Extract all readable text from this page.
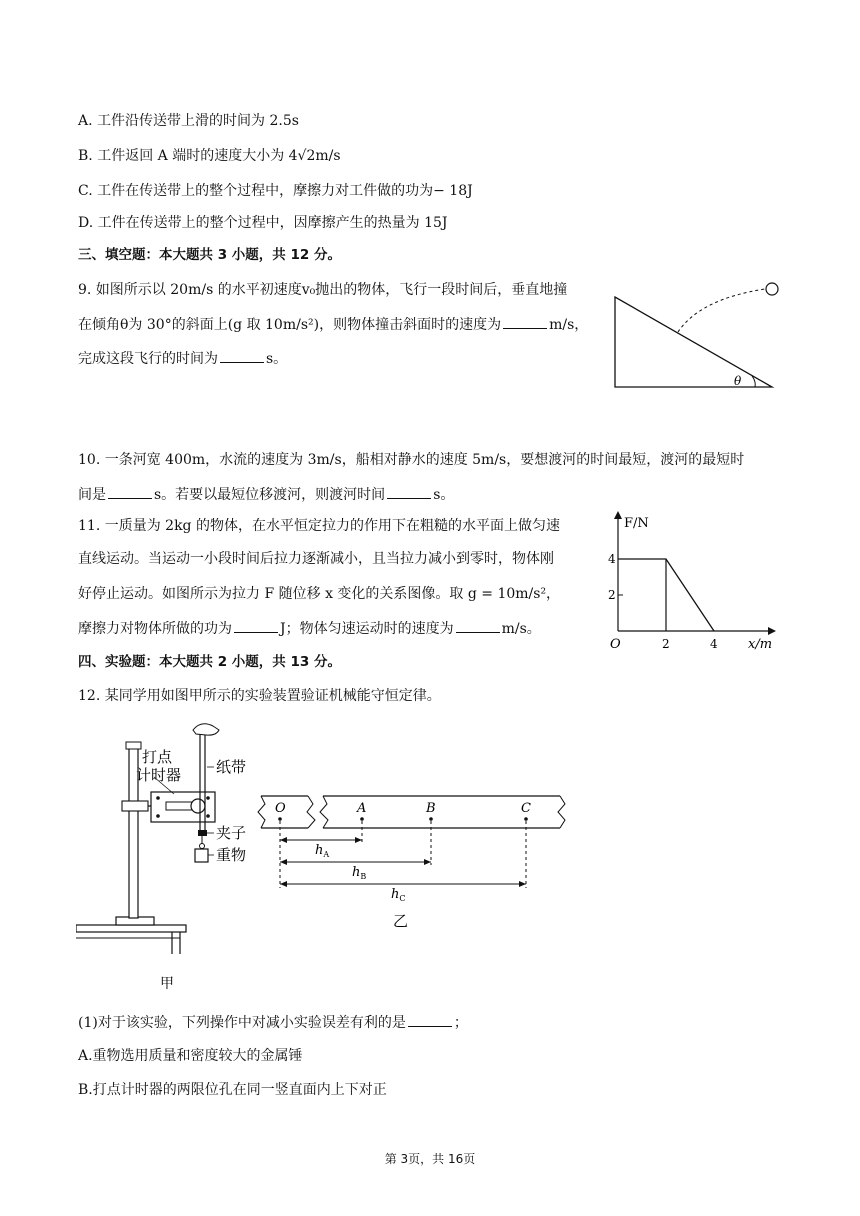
A. 工件沿传送带上滑的时间为 2.5s
B. 工件返回 A 端时的速度大小为 4√2m/s
C. 工件在传送带上的整个过程中，摩擦力对工件做的功为− 18J
D. 工件在传送带上的整个过程中，因摩擦产生的热量为 15J
三、填空题：本大题共 3 小题，共 12 分。
9. 如图所示以 20m/s 的水平初速度v₀抛出的物体，飞行一段时间后，垂直地撞
在倾角θ为 30°的斜面上(g 取 10m/s²)，则物体撞击斜面时的速度为	m/s，
完成这段飞行的时间为	s。
θ
10. 一条河宽 400m，水流的速度为 3m/s，船相对静水的速度 5m/s，要想渡河的时间最短，渡河的最短时
间是	s。若要以最短位移渡河，则渡河时间	s。
11. 一质量为 2kg 的物体，在水平恒定拉力的作用下在粗糙的水平面上做匀速
直线运动。当运动一小段时间后拉力逐渐减小，且当拉力减小到零时，物体刚
好停止运动。如图所示为拉力 F 随位移 x 变化的关系图像。取 g = 10m/s²，
摩擦力对物体所做的功为	J；物体匀速运动时的速度为	m/s。
F/N
x/m
O
4
2
2	4
四、实验题：本大题共 2 小题，共 13 分。
12. 某同学用如图甲所示的实验装置验证机械能守恒定律。
打点
计时器 纸带
夹子
重物
甲
O	A	B	C
$h_A$
$h_B$
$h_C$
乙
(1)对于该实验，下列操作中对减小实验误差有利的是	；
A.重物选用质量和密度较大的金属锤
B.打点计时器的两限位孔在同一竖直面内上下对正
第 3页，共 16页
